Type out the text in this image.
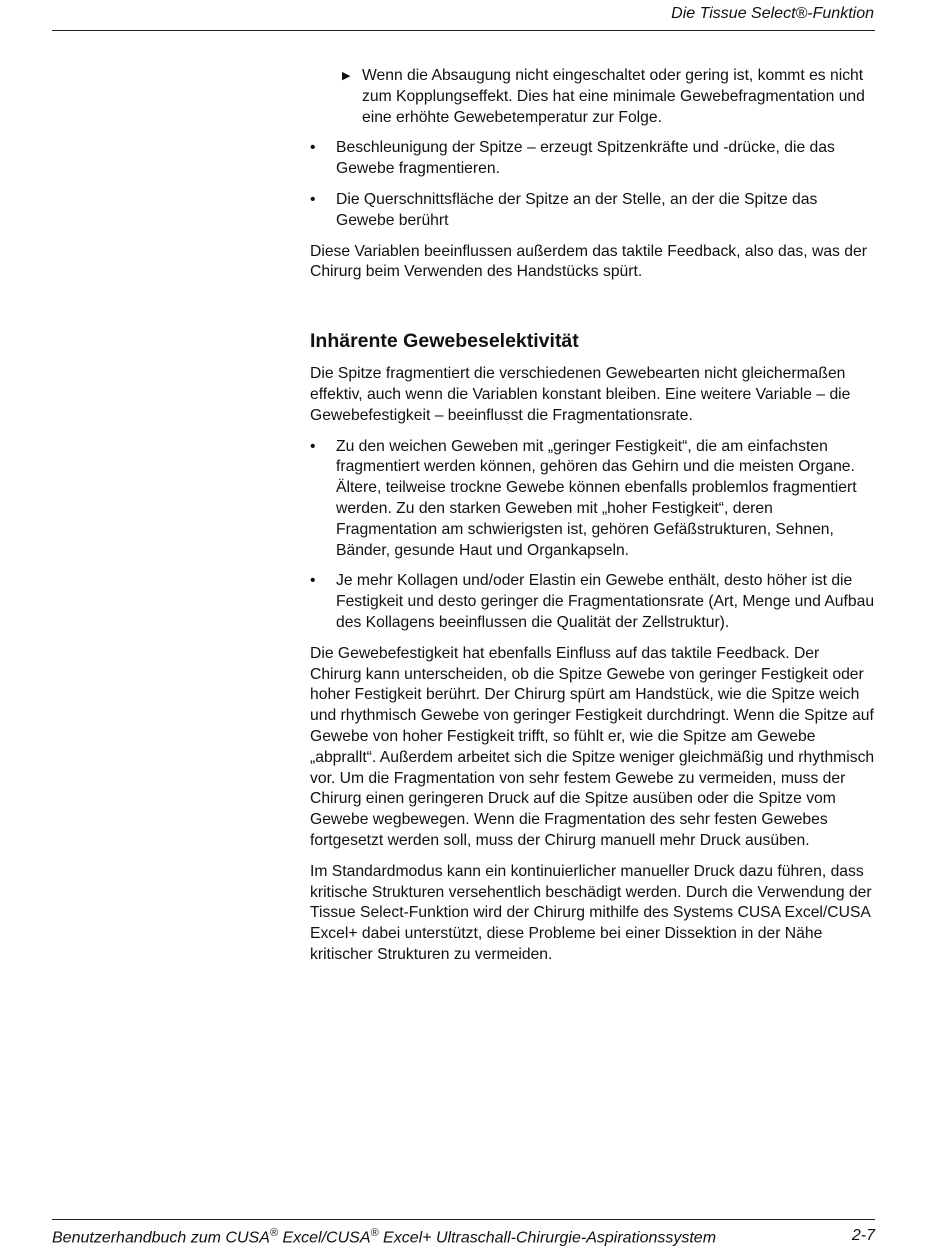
Die Tissue Select®-Funktion
▶ Wenn die Absaugung nicht eingeschaltet oder gering ist, kommt es nicht zum Kopplungseffekt. Dies hat eine minimale Gewebefragmentation und eine erhöhte Gewebetemperatur zur Folge.
• Beschleunigung der Spitze – erzeugt Spitzenkräfte und -drücke, die das Gewebe fragmentieren.
• Die Querschnittsfläche der Spitze an der Stelle, an der die Spitze das Gewebe berührt

Diese Variablen beeinflussen außerdem das taktile Feedback, also das, was der Chirurg beim Verwenden des Handstücks spürt.

Inhärente Gewebeselektivität

Die Spitze fragmentiert die verschiedenen Gewebearten nicht gleichermaßen effektiv, auch wenn die Variablen konstant bleiben. Eine weitere Variable – die Gewebefestigkeit – beeinflusst die Fragmentationsrate.

• Zu den weichen Geweben mit „geringer Festigkeit“, die am einfachsten fragmentiert werden können, gehören das Gehirn und die meisten Organe. Ältere, teilweise trockne Gewebe können ebenfalls problemlos fragmentiert werden. Zu den starken Geweben mit „hoher Festigkeit“, deren Fragmentation am schwierigsten ist, gehören Gefäßstrukturen, Sehnen, Bänder, gesunde Haut und Organkapseln.
• Je mehr Kollagen und/oder Elastin ein Gewebe enthält, desto höher ist die Festigkeit und desto geringer die Fragmentationsrate (Art, Menge und Aufbau des Kollagens beeinflussen die Qualität der Zellstruktur).

Die Gewebefestigkeit hat ebenfalls Einfluss auf das taktile Feedback. Der Chirurg kann unterscheiden, ob die Spitze Gewebe von geringer Festigkeit oder hoher Festigkeit berührt. Der Chirurg spürt am Handstück, wie die Spitze weich und rhythmisch Gewebe von geringer Festigkeit durchdringt. Wenn die Spitze auf Gewebe von hoher Festigkeit trifft, so fühlt er, wie die Spitze am Gewebe „abprallt“. Außerdem arbeitet sich die Spitze weniger gleichmäßig und rhythmisch vor. Um die Fragmentation von sehr festem Gewebe zu vermeiden, muss der Chirurg einen geringeren Druck auf die Spitze ausüben oder die Spitze vom Gewebe wegbewegen. Wenn die Fragmentation des sehr festen Gewebes fortgesetzt werden soll, muss der Chirurg manuell mehr Druck ausüben.

Im Standardmodus kann ein kontinuierlicher manueller Druck dazu führen, dass kritische Strukturen versehentlich beschädigt werden. Durch die Verwendung der Tissue Select-Funktion wird der Chirurg mithilfe des Systems CUSA Excel/CUSA Excel+ dabei unterstützt, diese Probleme bei einer Dissektion in der Nähe kritischer Strukturen zu vermeiden.

Benutzerhandbuch zum CUSA® Excel/CUSA® Excel+ Ultraschall-Chirurgie-Aspirationssystem	2-7
